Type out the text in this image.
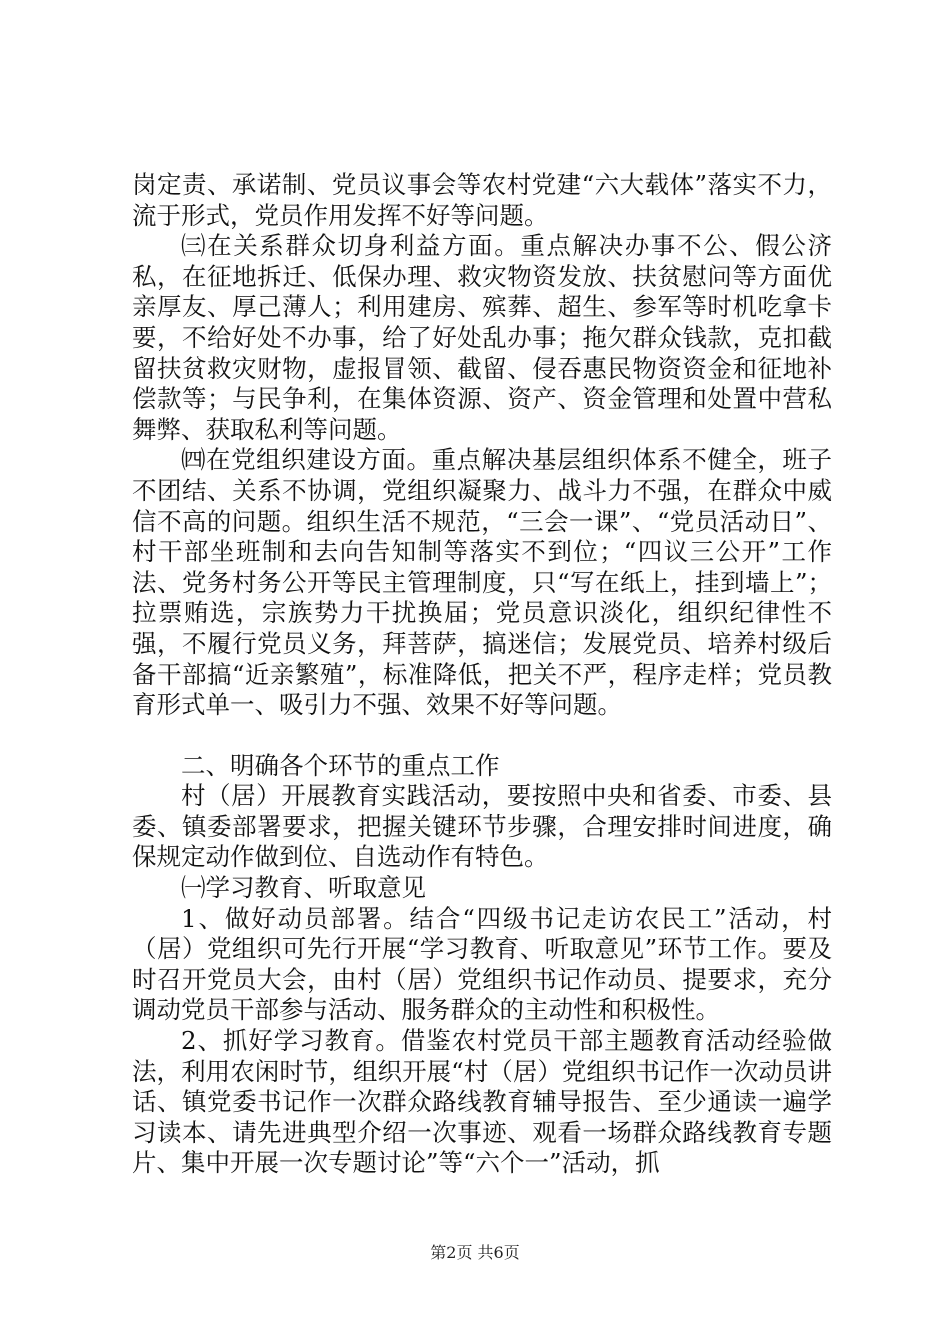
岗定责、承诺制、党员议事会等农村党建“六大载体”落实不力，流于形式，党员作用发挥不好等问题。

㈢在关系群众切身利益方面。重点解决办事不公、假公济私，在征地拆迁、低保办理、救灾物资发放、扶贫慰问等方面优亲厚友、厚己薄人；利用建房、殡葬、超生、参军等时机吃拿卡要，不给好处不办事，给了好处乱办事；拖欠群众钱款，克扣截留扶贫救灾财物，虚报冒领、截留、侵吞惠民物资资金和征地补偿款等；与民争利，在集体资源、资产、资金管理和处置中营私舞弊、获取私利等问题。

㈣在党组织建设方面。重点解决基层组织体系不健全，班子不团结、关系不协调，党组织凝聚力、战斗力不强，在群众中威信不高的问题。组织生活不规范，“三会一课”、“党员活动日”、村干部坐班制和去向告知制等落实不到位；“四议三公开”工作法、党务村务公开等民主管理制度，只“写在纸上，挂到墙上”；拉票贿选，宗族势力干扰换届；党员意识淡化，组织纪律性不强，不履行党员义务，拜菩萨，搞迷信；发展党员、培养村级后备干部搞“近亲繁殖”，标准降低，把关不严，程序走样；党员教育形式单一、吸引力不强、效果不好等问题。

二、明确各个环节的重点工作

村（居）开展教育实践活动，要按照中央和省委、市委、县委、镇委部署要求，把握关键环节步骤，合理安排时间进度，确保规定动作做到位、自选动作有特色。

㈠学习教育、听取意见

1、做好动员部署。结合“四级书记走访农民工”活动，村（居）党组织可先行开展“学习教育、听取意见”环节工作。要及时召开党员大会，由村（居）党组织书记作动员、提要求，充分调动党员干部参与活动、服务群众的主动性和积极性。

2、抓好学习教育。借鉴农村党员干部主题教育活动经验做法，利用农闲时节，组织开展“村（居）党组织书记作一次动员讲话、镇党委书记作一次群众路线教育辅导报告、至少通读一遍学习读本、请先进典型介绍一次事迹、观看一场群众路线教育专题片、集中开展一次专题讨论”等“六个一”活动，抓

第2页 共6页
